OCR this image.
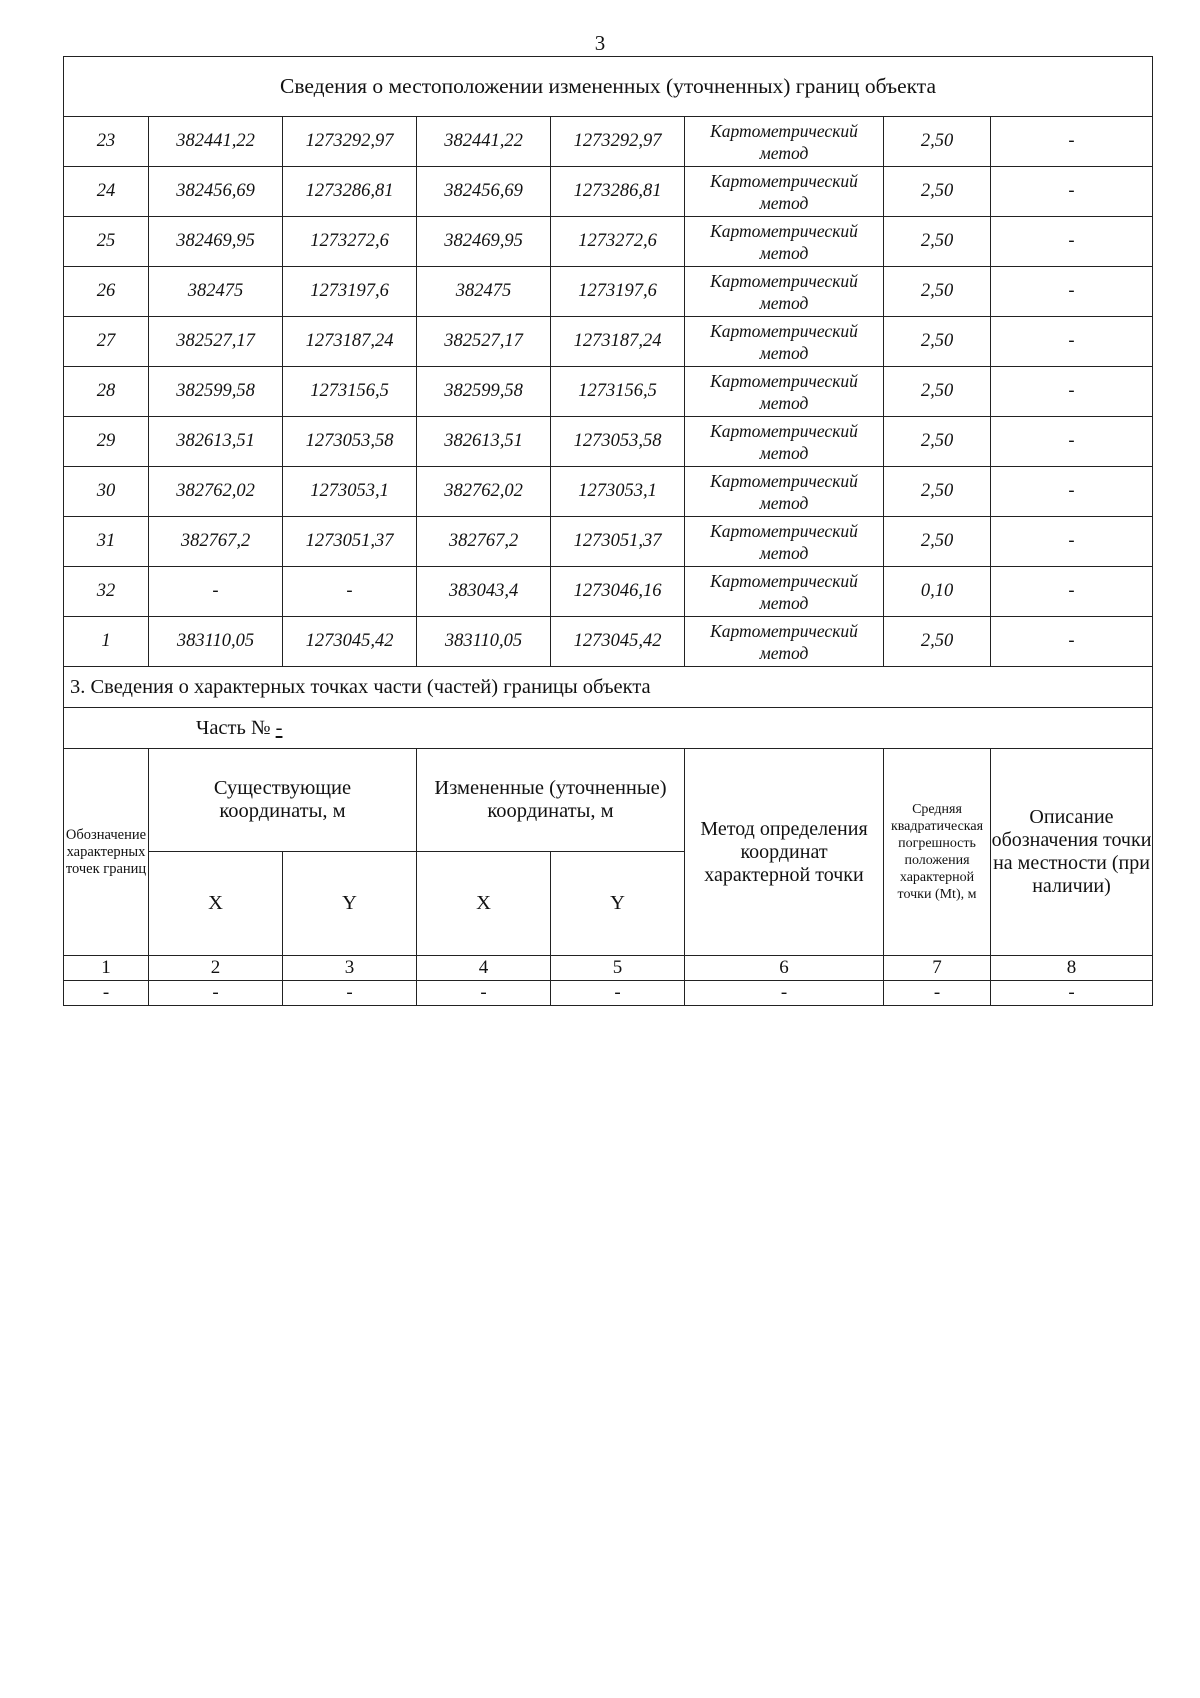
3
Сведения о местоположении измененных (уточненных) границ объекта							
23	382441,22	1273292,97	382441,22	1273292,97	Картометрический метод	2,50	-
24	382456,69	1273286,81	382456,69	1273286,81	Картометрический метод	2,50	-
25	382469,95	1273272,6	382469,95	1273272,6	Картометрический метод	2,50	-
26	382475	1273197,6	382475	1273197,6	Картометрический метод	2,50	-
27	382527,17	1273187,24	382527,17	1273187,24	Картометрический метод	2,50	-
28	382599,58	1273156,5	382599,58	1273156,5	Картометрический метод	2,50	-
29	382613,51	1273053,58	382613,51	1273053,58	Картометрический метод	2,50	-
30	382762,02	1273053,1	382762,02	1273053,1	Картометрический метод	2,50	-
31	382767,2	1273051,37	382767,2	1273051,37	Картометрический метод	2,50	-
32	-	-	383043,4	1273046,16	Картометрический метод	0,10	-
1	383110,05	1273045,42	383110,05	1273045,42	Картометрический метод	2,50	-
3. Сведения о характерных точках части (частей) границы объекта							
Часть № -							
Обозначение характерных точек границ	Существующие координаты, м		Измененные (уточненные) координаты, м		Метод определения координат характерной точки	Средняя квадратическая погрешность положения характерной точки (Mt), м	Описание обозначения точки на местности (при наличии)
	X	Y	X	Y			
1	2	3	4	5	6	7	8
-	-	-	-	-	-	-	-
